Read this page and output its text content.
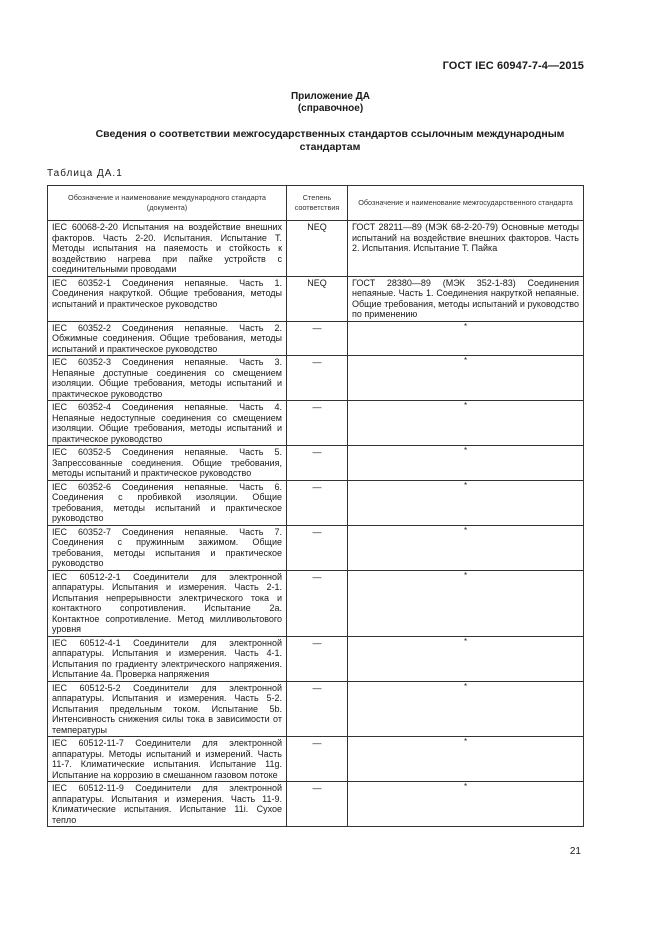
ГОСТ IEC 60947-7-4—2015
Приложение ДА
(справочное)
Сведения о соответствии межгосударственных стандартов ссылочным международным стандартам
Таблица ДА.1
Обозначение и наименование международного стандарта (документа)	Степень соответствия	Обозначение и наименование межгосударственного стандарта
IEC 60068-2-20 Испытания на воздействие внешних факторов. Часть 2-20. Испытания. Испытание T. Методы испытания на паяемость и стойкость к воздействию нагрева при пайке устройств с соединительными проводами	NEQ	ГОСТ 28211—89 (МЭК 68-2-20-79) Основные методы испытаний на воздействие внешних факторов. Часть 2. Испытания. Испытание T. Пайка
IEC 60352-1 Соединения непаяные. Часть 1. Соединения накруткой. Общие требования, методы испытаний и практическое руководство	NEQ	ГОСТ 28380—89 (МЭК 352-1-83) Соединения непаяные. Часть 1. Соединения накруткой непаяные. Общие требования, методы испытаний и руководство по применению
IEC 60352-2 Соединения непаяные. Часть 2. Обжимные соединения. Общие требования, методы испытаний и практическое руководство	—	*

IEC 60352-3 Соединения непаяные. Часть 3. Непаяные доступные соединения со смещением изоляции. Общие требования, методы испытаний и практическое руководство	—	*

IEC 60352-4 Соединения непаяные. Часть 4. Непаяные недоступные соединения со смещением изоляции. Общие требования, методы испытаний и практическое руководство	—	*

IEC 60352-5 Соединения непаяные. Часть 5. Запрессованные соединения. Общие требования, методы испытаний и практическое руководство	—	*

IEC 60352-6 Соединения непаяные. Часть 6. Соединения с пробивкой изоляции. Общие требования, методы испытаний и практическое руководство	—	*

IEC 60352-7 Соединения непаяные. Часть 7. Соединения с пружинным зажимом. Общие требования, методы испытания и практическое руководство	—	*

IEC 60512-2-1 Соединители для электронной аппаратуры. Испытания и измерения. Часть 2-1. Испытания непрерывности электрического тока и контактного сопротивления. Испытание 2а. Контактное сопротивление. Метод милливольтового уровня	—	*

IEC 60512-4-1 Соединители для электронной аппаратуры. Испытания и измерения. Часть 4-1. Испытания по градиенту электрического напряжения. Испытание 4а. Проверка напряжения	—	*

IEC 60512-5-2 Соединители для электронной аппаратуры. Испытания и измерения. Часть 5-2. Испытания предельным током. Испытание 5b. Интенсивность снижения силы тока в зависимости от температуры	—	*

IEC 60512-11-7 Соединители для электронной аппаратуры. Методы испытаний и измерений. Часть 11-7. Климатические испытания. Испытание 11g. Испытание на коррозию в смешанном газовом потоке	—	*

IEC 60512-11-9 Соединители для электронной аппаратуры. Испытания и измерения. Часть 11-9. Климатические испытания. Испытание 11i. Сухое тепло	—	*
21
